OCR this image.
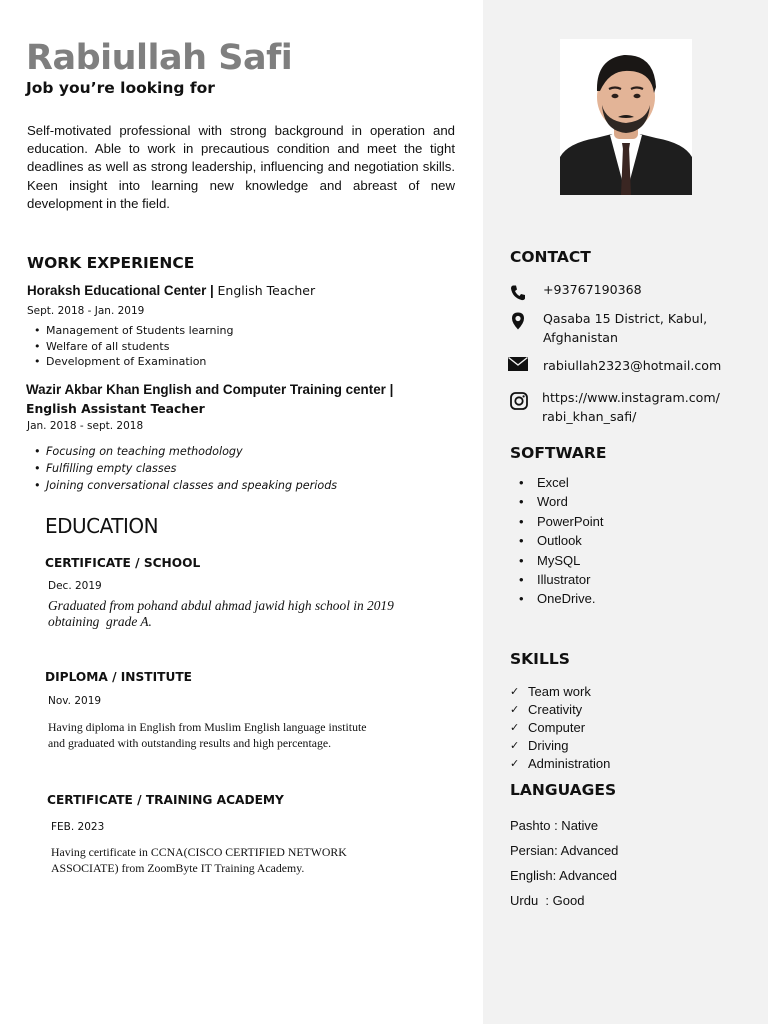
Rabiullah Safi
Job you’re looking for
Self-motivated professional with strong background in operation and education. Able to work in precautious condition and meet the tight deadlines as well as strong leadership, influencing and negotiation skills. Keen insight into learning new knowledge and abreast of new development in the field.
WORK EXPERIENCE
Horaksh Educational Center | English Teacher
Sept. 2018 - Jan. 2019
• Management of Students learning
• Welfare of all students
• Development of Examination
Wazir Akbar Khan English and Computer Training center |
English Assistant Teacher
Jan. 2018 - sept. 2018
• Focusing on teaching methodology
• Fulfilling empty classes
• Joining conversational classes and speaking periods
EDUCATION
CERTIFICATE / SCHOOL
Dec. 2019
Graduated from pohand abdul ahmad jawid high school in 2019
obtaining  grade A.
DIPLOMA / INSTITUTE
Nov. 2019
Having diploma in English from Muslim English language institute
and graduated with outstanding results and high percentage.
CERTIFICATE / TRAINING ACADEMY
FEB. 2023
Having certificate in CCNA(CISCO CERTIFIED NETWORK
ASSOCIATE) from ZoomByte IT Training Academy.
CONTACT
+93767190368
Qasaba 15 District, Kabul,
Afghanistan
rabiullah2323@hotmail.com
https://www.instagram.com/
rabi_khan_safi/
SOFTWARE
• Excel
• Word
• PowerPoint
• Outlook
• MySQL
• Illustrator
• OneDrive.
SKILLS
✓ Team work
✓ Creativity
✓ Computer
✓ Driving
✓ Administration
LANGUAGES
Pashto : Native
Persian: Advanced
English: Advanced
Urdu  : Good
